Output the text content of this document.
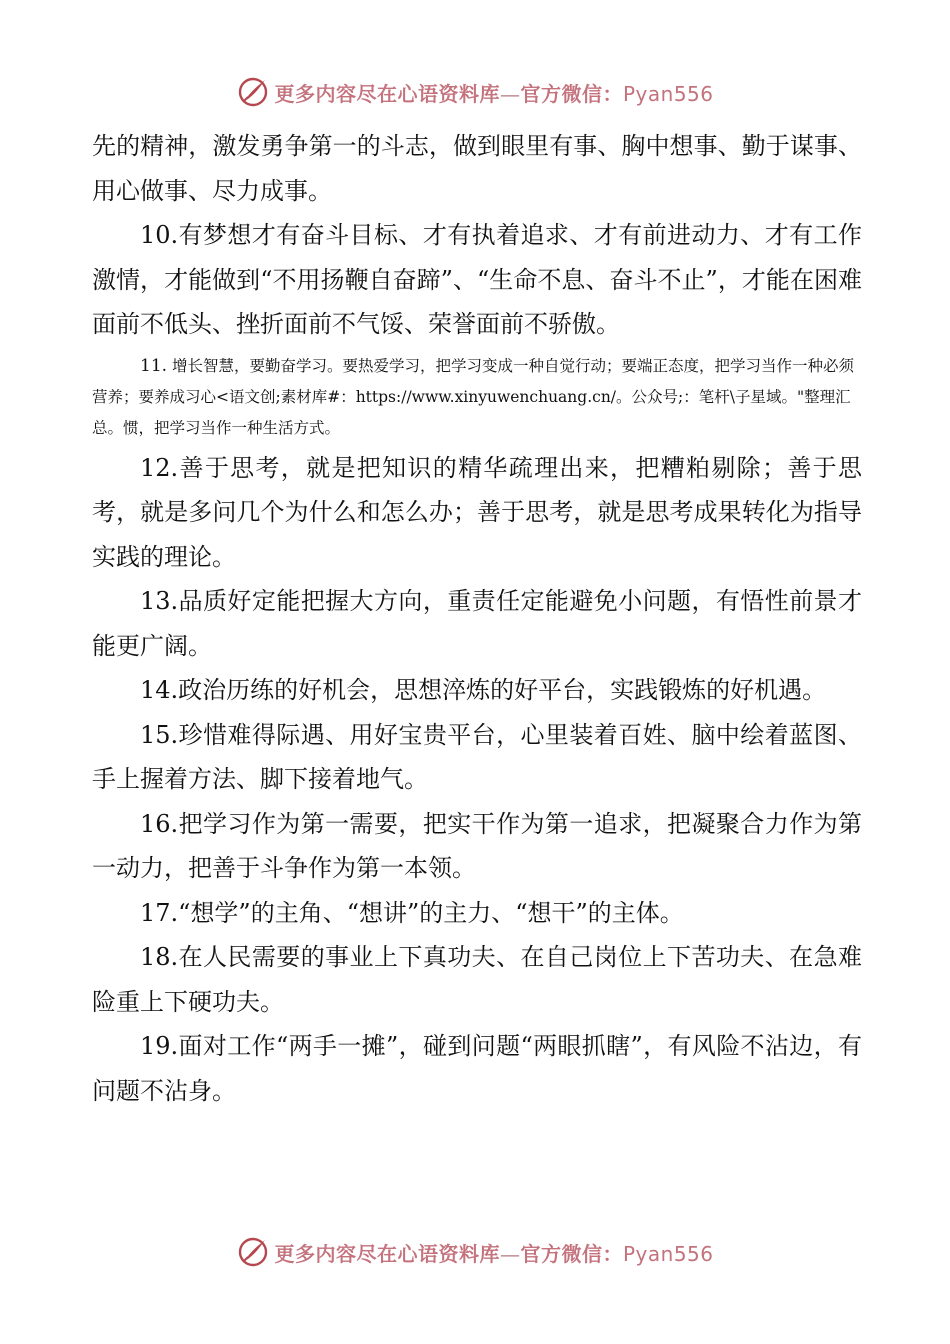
更多内容尽在心语资料库—官方微信：Pyan556

先的精神，激发勇争第一的斗志，做到眼里有事、胸中想事、勤于谋事、用心做事、尽力成事。

10.有梦想才有奋斗目标、才有执着追求、才有前进动力、才有工作激情，才能做到“不用扬鞭自奋蹄”、“生命不息、奋斗不止”，才能在困难面前不低头、挫折面前不气馁、荣誉面前不骄傲。

11. 增长智慧，要勤奋学习。要热爱学习，把学习变成一种自觉行动；要端正态度，把学习当作一种必须营养；要养成习心<语文创;素材库#：https://www.xinyuwenchuang.cn/。公众号;：笔杆\子星域。"整理汇总。惯，把学习当作一种生活方式。

12.善于思考，就是把知识的精华疏理出来，把糟粕剔除；善于思考，就是多问几个为什么和怎么办；善于思考，就是思考成果转化为指导实践的理论。

13.品质好定能把握大方向，重责任定能避免小问题，有悟性前景才能更广阔。

14.政治历练的好机会，思想淬炼的好平台，实践锻炼的好机遇。

15.珍惜难得际遇、用好宝贵平台，心里装着百姓、脑中绘着蓝图、手上握着方法、脚下接着地气。

16.把学习作为第一需要，把实干作为第一追求，把凝聚合力作为第一动力，把善于斗争作为第一本领。

17.“想学”的主角、“想讲”的主力、“想干”的主体。

18.在人民需要的事业上下真功夫、在自己岗位上下苦功夫、在急难险重上下硬功夫。

19.面对工作“两手一摊”，碰到问题“两眼抓瞎”，有风险不沾边，有问题不沾身。

更多内容尽在心语资料库—官方微信：Pyan556
